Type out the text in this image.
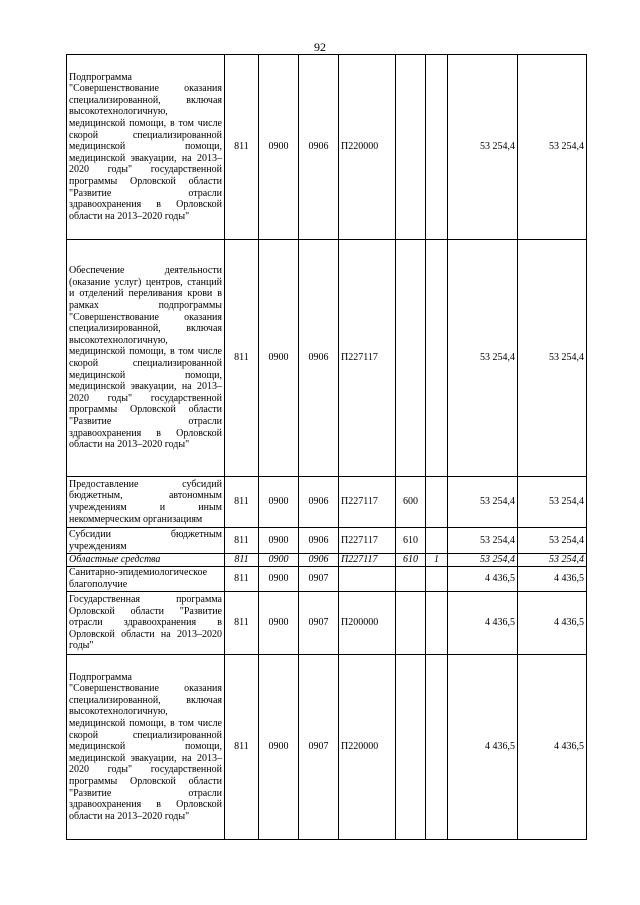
92
Подпрограмма "Совершенствование оказания специализированной, включая высокотехнологичную, медицинской помощи, в том числе скорой специализированной медицинской помощи, медицинской эвакуации, на 2013–2020 годы" государственной программы Орловской области "Развитие отрасли здравоохранения в Орловской области на 2013–2020 годы"	811	0900	0906	П220000			53 254,4	53 254,4
Обеспечение деятельности (оказание услуг) центров, станций и отделений переливания крови в рамках подпрограммы "Совершенствование оказания специализированной, включая высокотехнологичную, медицинской помощи, в том числе скорой специализированной медицинской помощи, медицинской эвакуации, на 2013–2020 годы" государственной программы Орловской области "Развитие отрасли здравоохранения в Орловской области на 2013–2020 годы"	811	0900	0906	П227117			53 254,4	53 254,4
Предоставление субсидий бюджетным, автономным учреждениям и иным некоммерческим организациям	811	0900	0906	П227117	600		53 254,4	53 254,4
Субсидии бюджетным учреждениям	811	0900	0906	П227117	610		53 254,4	53 254,4
Областные средства	811	0900	0906	П227117	610	1	53 254,4	53 254,4
Санитарно-эпидемиологическое благополучие	811	0900	0907				4 436,5	4 436,5
Государственная программа Орловской области "Развитие отрасли здравоохранения в Орловской области на 2013–2020 годы"	811	0900	0907	П200000			4 436,5	4 436,5
Подпрограмма "Совершенствование оказания специализированной, включая высокотехнологичную, медицинской помощи, в том числе скорой специализированной медицинской помощи, медицинской эвакуации, на 2013–2020 годы" государственной программы Орловской области "Развитие отрасли здравоохранения в Орловской области на 2013–2020 годы"	811	0900	0907	П220000			4 436,5	4 436,5
